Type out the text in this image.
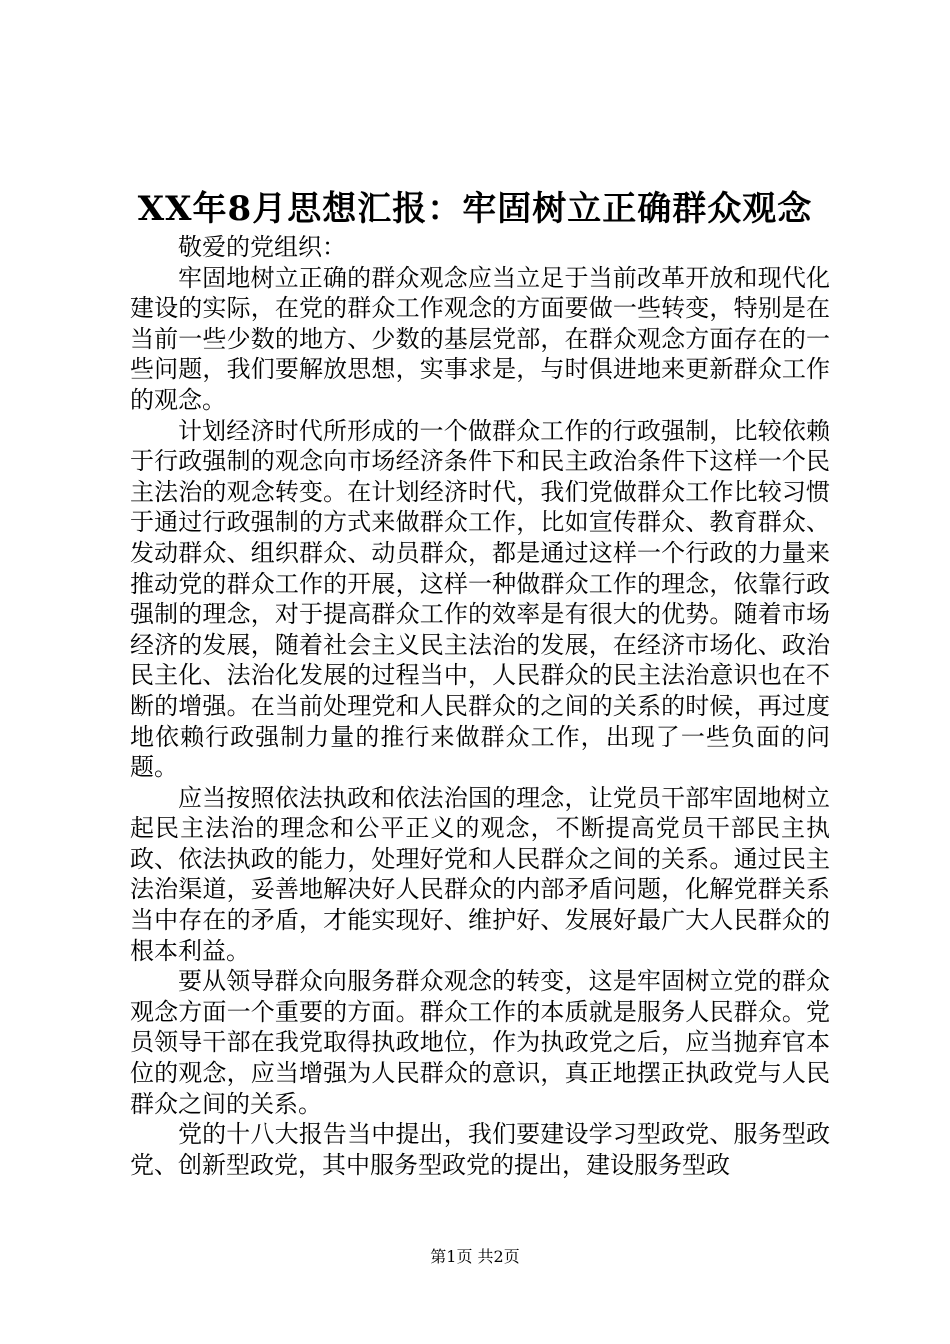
XX年8月思想汇报：牢固树立正确群众观念

敬爱的党组织：

牢固地树立正确的群众观念应当立足于当前改革开放和现代化建设的实际，在党的群众工作观念的方面要做一些转变，特别是在当前一些少数的地方、少数的基层党部，在群众观念方面存在的一些问题，我们要解放思想，实事求是，与时俱进地来更新群众工作的观念。

计划经济时代所形成的一个做群众工作的行政强制，比较依赖于行政强制的观念向市场经济条件下和民主政治条件下这样一个民主法治的观念转变。在计划经济时代，我们党做群众工作比较习惯于通过行政强制的方式来做群众工作，比如宣传群众、教育群众、发动群众、组织群众、动员群众，都是通过这样一个行政的力量来推动党的群众工作的开展，这样一种做群众工作的理念，依靠行政强制的理念，对于提高群众工作的效率是有很大的优势。随着市场经济的发展，随着社会主义民主法治的发展，在经济市场化、政治民主化、法治化发展的过程当中，人民群众的民主法治意识也在不断的增强。在当前处理党和人民群众的之间的关系的时候，再过度地依赖行政强制力量的推行来做群众工作，出现了一些负面的问题。

应当按照依法执政和依法治国的理念，让党员干部牢固地树立起民主法治的理念和公平正义的观念，不断提高党员干部民主执政、依法执政的能力，处理好党和人民群众之间的关系。通过民主法治渠道，妥善地解决好人民群众的内部矛盾问题，化解党群关系当中存在的矛盾，才能实现好、维护好、发展好最广大人民群众的根本利益。

要从领导群众向服务群众观念的转变，这是牢固树立党的群众观念方面一个重要的方面。群众工作的本质就是服务人民群众。党员领导干部在我党取得执政地位，作为执政党之后，应当抛弃官本位的观念，应当增强为人民群众的意识，真正地摆正执政党与人民群众之间的关系。

党的十八大报告当中提出，我们要建设学习型政党、服务型政党、创新型政党，其中服务型政党的提出，建设服务型政

第1页 共2页
